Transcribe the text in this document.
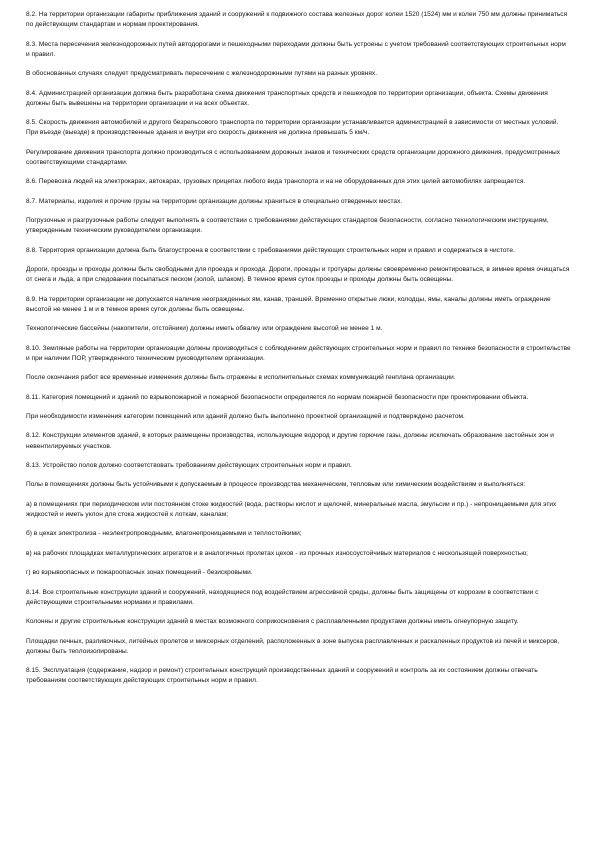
8.2. На территории организации габариты приближения зданий и сооружений к подвижного состава железных дорог колеи 1520 (1524) мм и колеи 750 мм должны приниматься по действующим стандартам и нормам проектирования.

8.3. Места пересечения железнодорожных путей автодорогами и пешеходными переходами должны быть устроены с учетом требований соответствующих строительных норм и правил.

В обоснованных случаях следует предусматривать пересечение с железнодорожными путями на разных уровнях.

8.4. Администрацией организации должна быть разработана схема движения транспортных средств и пешеходов по территории организации, объекта. Схемы движения должны быть вывешены на территории организации и на всех объектах.

8.5. Скорость движения автомобилей и другого безрельсового транспорта по территории организации устанавливается администрацией в зависимости от местных условий. При въезде (выезде) в производственные здания и внутри его скорость движения не должна превышать 5 км/ч.

Регулирование движения транспорта должно производиться с использованием дорожных знаков и технических средств организации дорожного движения, предусмотренных соответствующими стандартами.

8.6. Перевозка людей на электрокарах, автокарах, грузовых прицепах любого вида транспорта и на не оборудованных для этих целей автомобилях запрещается.

8.7. Материалы, изделия и прочие грузы на территории организации должны храниться в специально отведенных местах.

Погрузочные и разгрузочные работы следует выполнять в соответствии с требованиями действующих стандартов безопасности, согласно технологическим инструкциям, утвержденным техническим руководителем организации.

8.8. Территория организации должна быть благоустроена в соответствии с требованиями действующих строительных норм и правил и содержаться в чистоте.

Дороги, проезды и проходы должны быть свободными для проезда и прохода. Дороги, проезды и тротуары должны своевременно ремонтироваться, в зимнее время очищаться от снега и льда, а при следовании посыпаться песком (золой, шлаком). В темное время суток проезды и проходы должны быть освещены.

8.9. На территории организации не допускается наличие неогражденных ям, канав, траншей. Временно открытые люки, колодцы, ямы, каналы должны иметь ограждение высотой не менее 1 м и в темное время суток должны быть освещены.

Технологические бассейны (накопители, отстойники) должны иметь обвалку или ограждение высотой не менее 1 м.

8.10. Земляные работы на территории организации должны производиться с соблюдением действующих строительных норм и правил по технике безопасности в строительстве и при наличии ПОР, утвержденного техническим руководителем организации.

После окончания работ все временные изменения должны быть отражены в исполнительных схемах коммуникаций генплана организации.

8.11. Категория помещений и зданий по взрывопожарной и пожарной безопасности определяется по нормам пожарной безопасности при проектировании объекта.

При необходимости изменения категории помещений или зданий должно быть выполнено проектной организацией и подтверждено расчетом.

8.12. Конструкции элементов зданий, в которых размещены производства, использующие водород и другие горючие газы, должны исключать образование застойных зон и невентилируемых участков.

8.13. Устройство полов должно соответствовать требованиям действующих строительных норм и правил.

Полы в помещениях должны быть устойчивыми к допускаемым в процессе производства механическим, тепловым или химическим воздействиям и выполняться:

а) в помещениях при периодическом или постоянном стоке жидкостей (вода, растворы кислот и щелочей, минеральные масла, эмульсии и пр.) - непроницаемыми для этих жидкостей и иметь уклон для стока жидкостей к лоткам, каналам;

б) в цехах электролиза - неэлектропроводными, влагонепроницаемыми и теплостойкими;

в) на рабочих площадках металлургических агрегатов и в аналогичных пролетах цехов - из прочных износоустойчивых материалов с нескользящей поверхностью;

г) во взрывоопасных и пожароопасных зонах помещений - безискровыми.

8.14. Все строительные конструкции зданий и сооружений, находящиеся под воздействием агрессивной среды, должны быть защищены от коррозии в соответствии с действующими строительными нормами и правилами.

Колонны и другие строительные конструкции зданий в местах возможного соприкосновения с расплавленными продуктами должны иметь огнеупорную защиту.

Площадки печных, разливочных, литейных пролетов и миксерных отделений, расположенных в зоне выпуска расплавленных и раскаленных продуктов из печей и миксеров, должны быть теплоизолированы.

8.15. Эксплуатация (содержание, надзор и ремонт) строительных конструкций производственных зданий и сооружений и контроль за их состоянием должны отвечать требованиям соответствующих действующих строительных норм и правил.
